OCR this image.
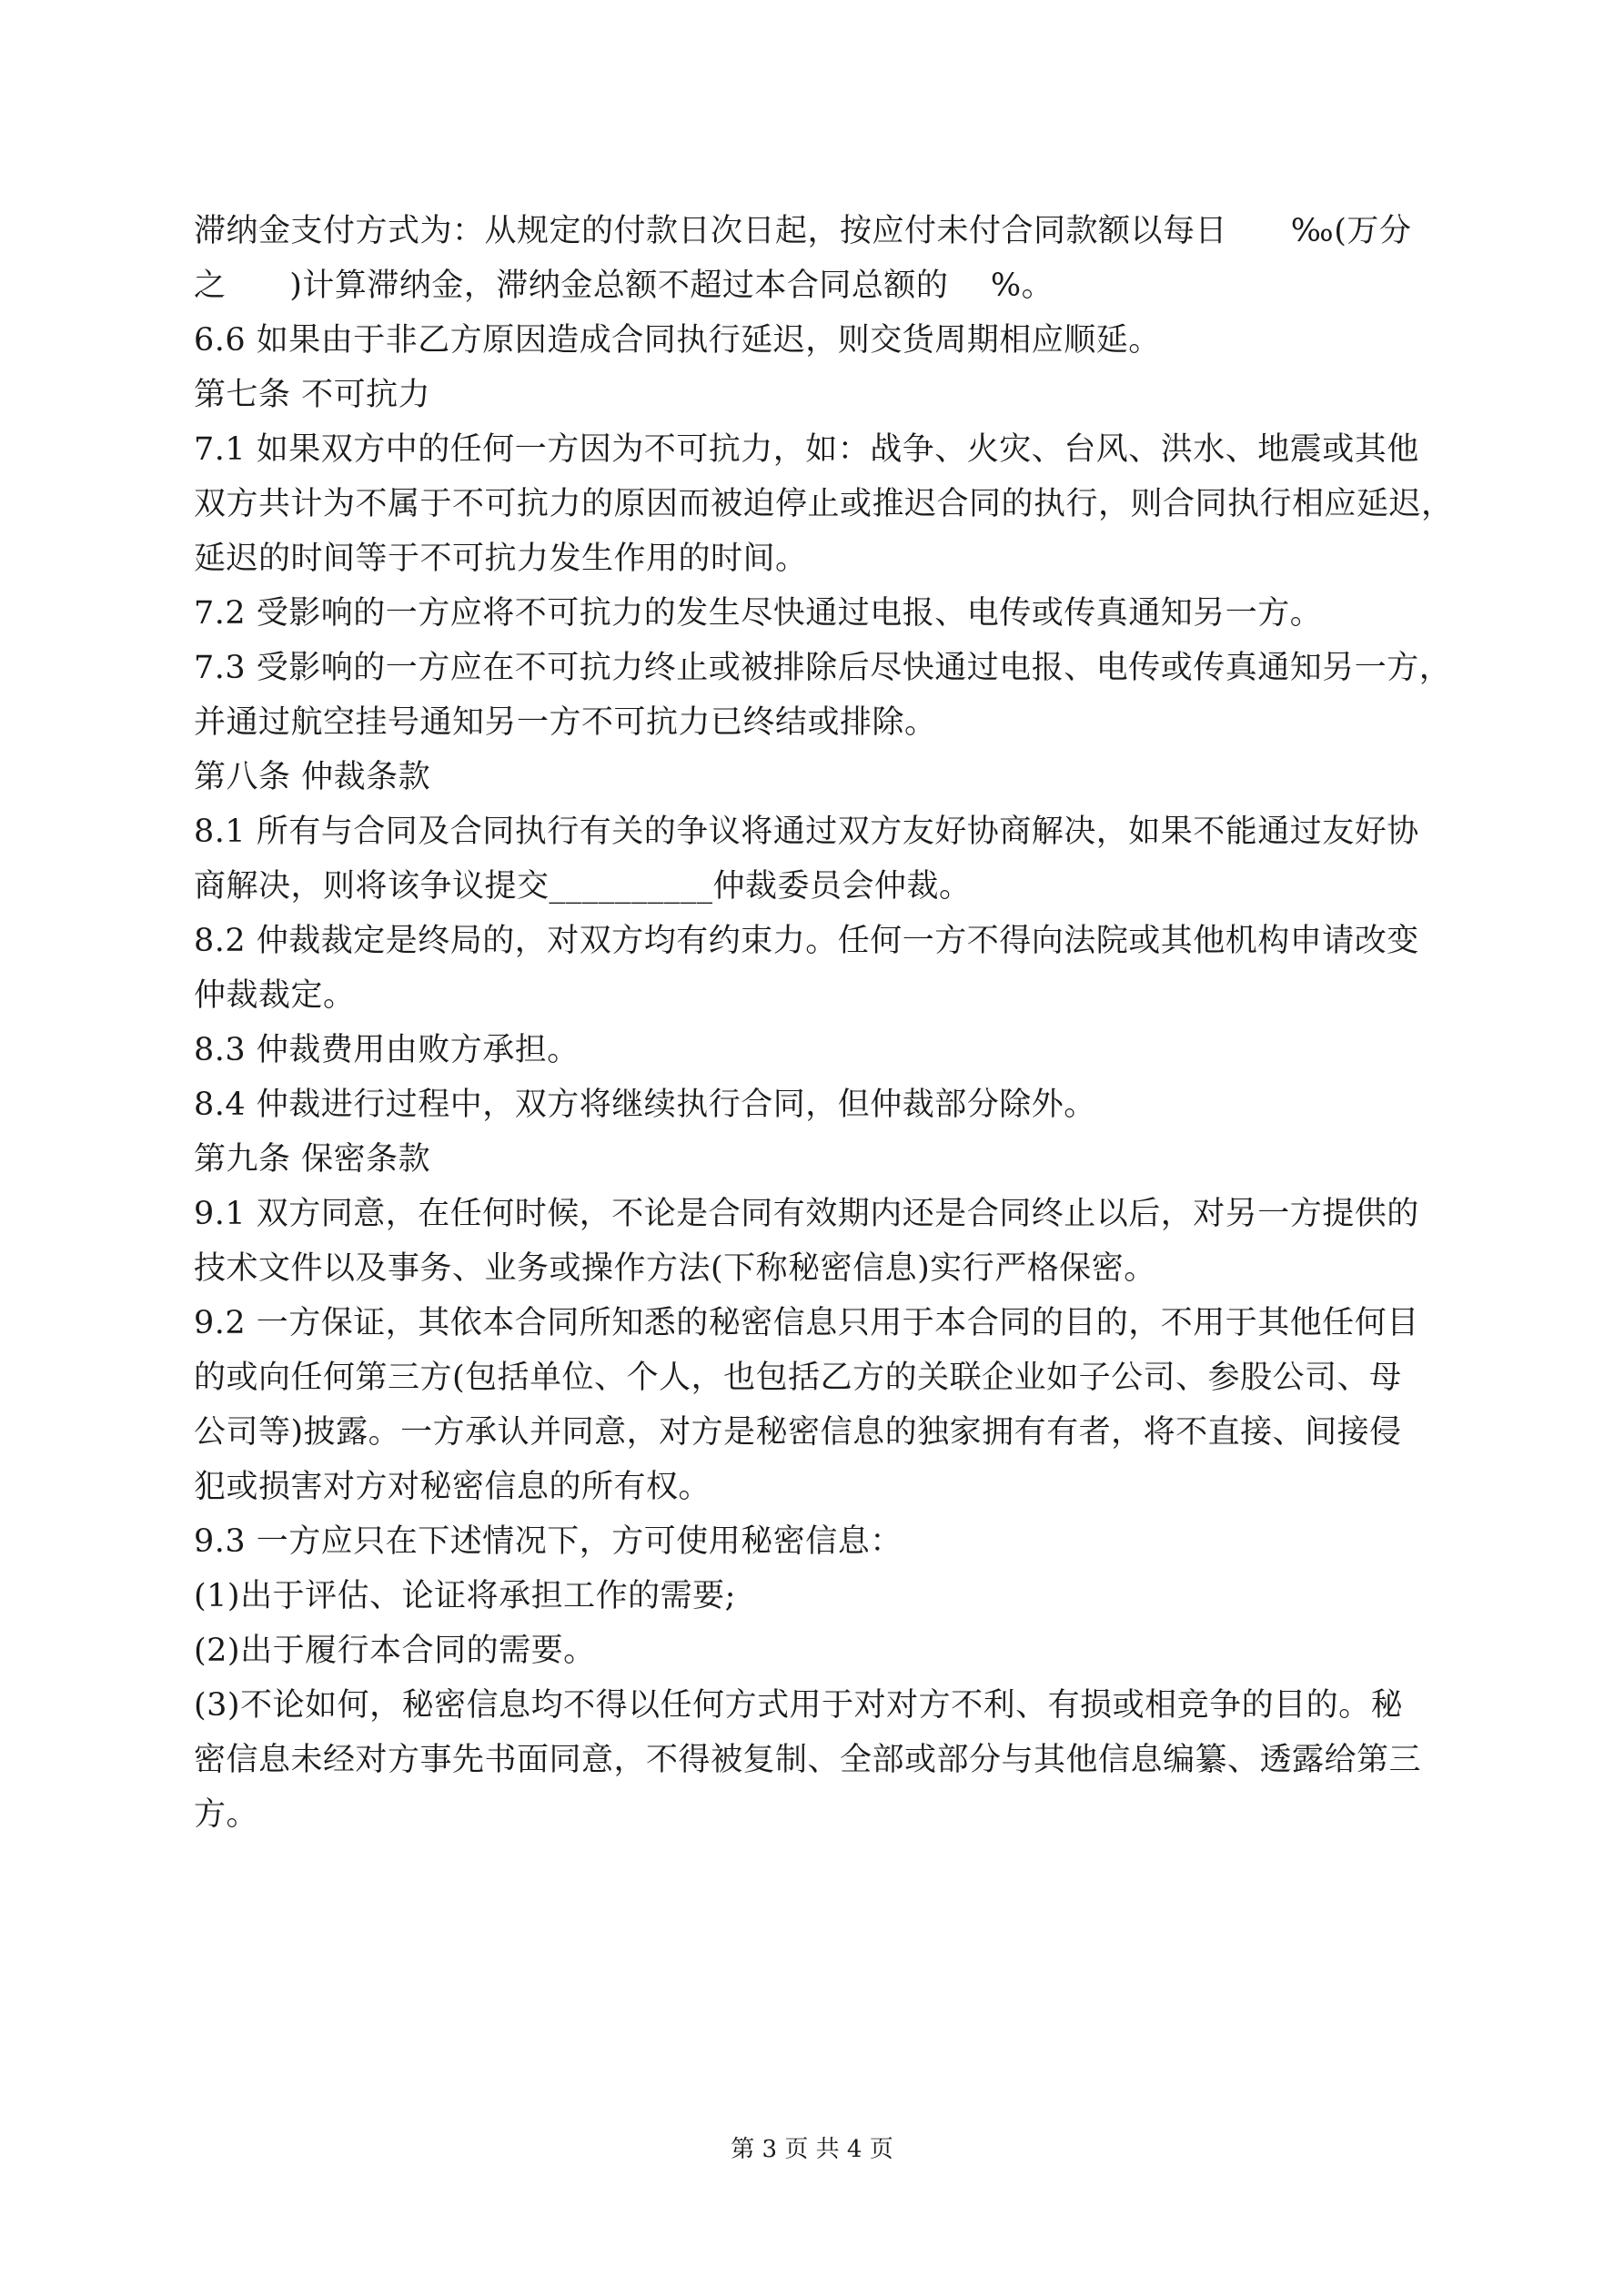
滞纳金支付方式为：从规定的付款日次日起，按应付未付合同款额以每日      ‰(万分
之      )计算滞纳金，滞纳金总额不超过本合同总额的    %。
6.6 如果由于非乙方原因造成合同执行延迟，则交货周期相应顺延。
第七条 不可抗力
7.1 如果双方中的任何一方因为不可抗力，如：战争、火灾、台风、洪水、地震或其他
双方共计为不属于不可抗力的原因而被迫停止或推迟合同的执行，则合同执行相应延迟，
延迟的时间等于不可抗力发生作用的时间。
7.2 受影响的一方应将不可抗力的发生尽快通过电报、电传或传真通知另一方。
7.3 受影响的一方应在不可抗力终止或被排除后尽快通过电报、电传或传真通知另一方，
并通过航空挂号通知另一方不可抗力已终结或排除。
第八条 仲裁条款
8.1 所有与合同及合同执行有关的争议将通过双方友好协商解决，如果不能通过友好协
商解决，则将该争议提交__________仲裁委员会仲裁。
8.2 仲裁裁定是终局的，对双方均有约束力。任何一方不得向法院或其他机构申请改变
仲裁裁定。
8.3 仲裁费用由败方承担。
8.4 仲裁进行过程中，双方将继续执行合同，但仲裁部分除外。
第九条 保密条款
9.1 双方同意，在任何时候，不论是合同有效期内还是合同终止以后，对另一方提供的
技术文件以及事务、业务或操作方法(下称秘密信息)实行严格保密。
9.2 一方保证，其依本合同所知悉的秘密信息只用于本合同的目的，不用于其他任何目
的或向任何第三方(包括单位、个人，也包括乙方的关联企业如子公司、参股公司、母
公司等)披露。一方承认并同意，对方是秘密信息的独家拥有有者，将不直接、间接侵
犯或损害对方对秘密信息的所有权。
9.3 一方应只在下述情况下，方可使用秘密信息：
(1)出于评估、论证将承担工作的需要;
(2)出于履行本合同的需要。
(3)不论如何，秘密信息均不得以任何方式用于对对方不利、有损或相竞争的目的。秘
密信息未经对方事先书面同意，不得被复制、全部或部分与其他信息编纂、透露给第三
方。
第 3 页 共 4 页
